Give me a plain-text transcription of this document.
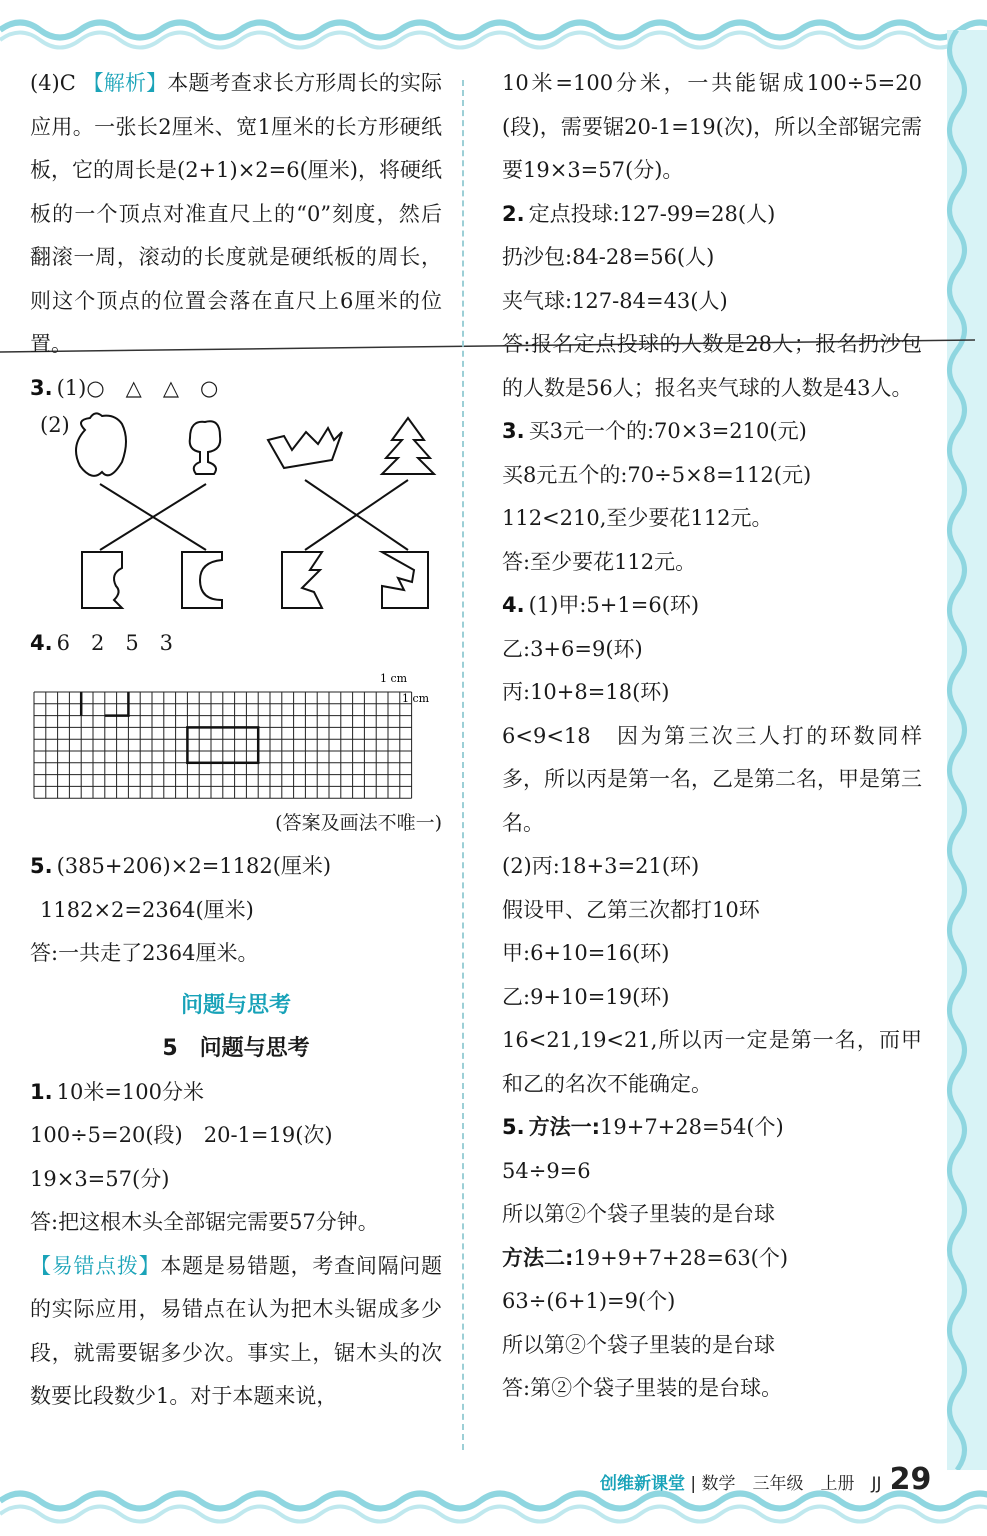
(4)C 【解析】本题考查求长方形周长的实际应用。一张长2厘米、宽1厘米的长方形硬纸板，它的周长是(2+1)×2=6(厘米)，将硬纸板的一个顶点对准直尺上的“0”刻度，然后翻滚一周，滚动的长度就是硬纸板的周长，则这个顶点的位置会落在直尺上6厘米的位置。
3. (1)○　△　△　○
(2)
4. 6　2　5　3
1 cm
1 cm
(答案及画法不唯一)
5. (385+206)×2=1182(厘米)
1182×2=2364(厘米)
答:一共走了2364厘米。
问题与思考
5　问题与思考
1. 10米=100分米
100÷5=20(段)　20-1=19(次)
19×3=57(分)
答:把这根木头全部锯完需要57分钟。
【易错点拨】本题是易错题，考查间隔问题的实际应用，易错点在认为把木头锯成多少段，就需要锯多少次。事实上，锯木头的次数要比段数少1。对于本题来说，
10米=100分米，一共能锯成100÷5=20(段)，需要锯20-1=19(次)，所以全部锯完需要19×3=57(分)。
2. 定点投球:127-99=28(人)
扔沙包:84-28=56(人)
夹气球:127-84=43(人)
答:报名定点投球的人数是28人；报名扔沙包的人数是56人；报名夹气球的人数是43人。
3. 买3元一个的:70×3=210(元)
买8元五个的:70÷5×8=112(元)
112<210,至少要花112元。
答:至少要花112元。
4. (1)甲:5+1=6(环)
乙:3+6=9(环)
丙:10+8=18(环)
6<9<18　因为第三次三人打的环数同样多，所以丙是第一名，乙是第二名，甲是第三名。
(2)丙:18+3=21(环)
假设甲、乙第三次都打10环
甲:6+10=16(环)
乙:9+10=19(环)
16<21,19<21,所以丙一定是第一名，而甲和乙的名次不能确定。
5. 方法一:19+7+28=54(个)
54÷9=6
所以第②个袋子里装的是台球
方法二:19+9+7+28=63(个)
63÷(6+1)=9(个)
所以第②个袋子里装的是台球
答:第②个袋子里装的是台球。
创维新课堂 | 数学　三年级　上册　JJ 29
